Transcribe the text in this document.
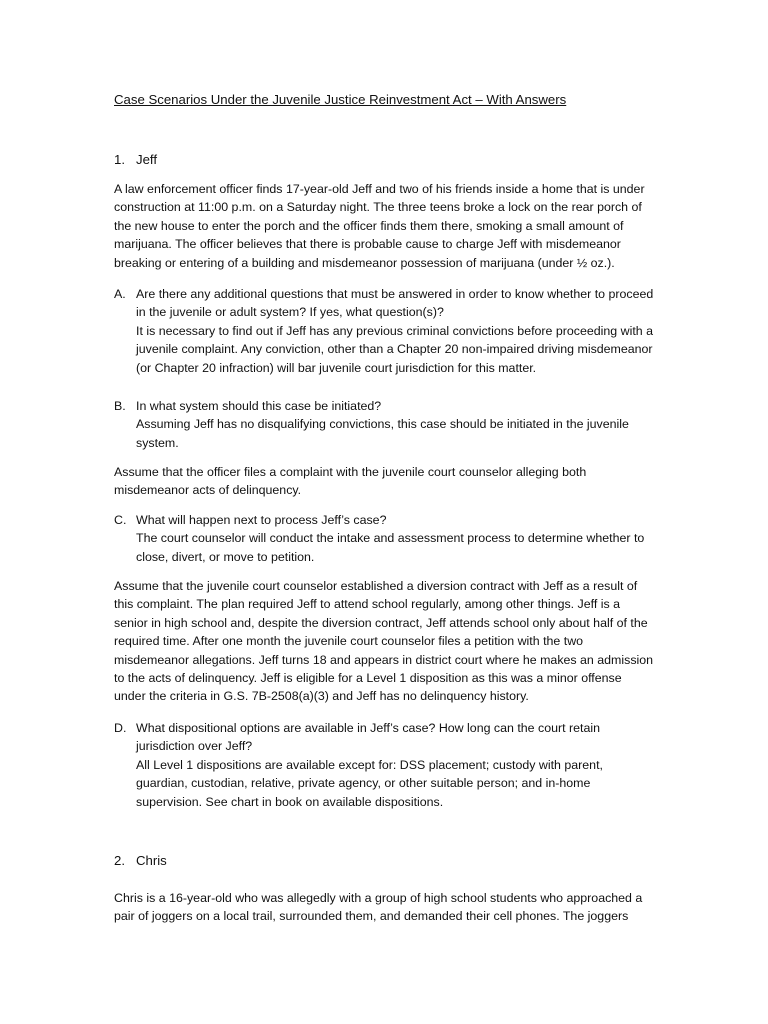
Case Scenarios Under the Juvenile Justice Reinvestment Act – With Answers
1. Jeff

A law enforcement officer finds 17-year-old Jeff and two of his friends inside a home that is under construction at 11:00 p.m. on a Saturday night. The three teens broke a lock on the rear porch of the new house to enter the porch and the officer finds them there, smoking a small amount of marijuana. The officer believes that there is probable cause to charge Jeff with misdemeanor breaking or entering of a building and misdemeanor possession of marijuana (under ½ oz.).

A. Are there any additional questions that must be answered in order to know whether to proceed in the juvenile or adult system? If yes, what question(s)?

It is necessary to find out if Jeff has any previous criminal convictions before proceeding with a juvenile complaint. Any conviction, other than a Chapter 20 non-impaired driving misdemeanor (or Chapter 20 infraction) will bar juvenile court jurisdiction for this matter.

B. In what system should this case be initiated?

Assuming Jeff has no disqualifying convictions, this case should be initiated in the juvenile system.

Assume that the officer files a complaint with the juvenile court counselor alleging both misdemeanor acts of delinquency.

C. What will happen next to process Jeff’s case?

The court counselor will conduct the intake and assessment process to determine whether to close, divert, or move to petition.

Assume that the juvenile court counselor established a diversion contract with Jeff as a result of this complaint. The plan required Jeff to attend school regularly, among other things. Jeff is a senior in high school and, despite the diversion contract, Jeff attends school only about half of the required time. After one month the juvenile court counselor files a petition with the two misdemeanor allegations. Jeff turns 18 and appears in district court where he makes an admission to the acts of delinquency. Jeff is eligible for a Level 1 disposition as this was a minor offense under the criteria in G.S. 7B-2508(a)(3) and Jeff has no delinquency history.

D. What dispositional options are available in Jeff’s case? How long can the court retain jurisdiction over Jeff?

All Level 1 dispositions are available except for: DSS placement; custody with parent, guardian, custodian, relative, private agency, or other suitable person; and in-home supervision. See chart in book on available dispositions.

2. Chris

Chris is a 16-year-old who was allegedly with a group of high school students who approached a pair of joggers on a local trail, surrounded them, and demanded their cell phones. The joggers
